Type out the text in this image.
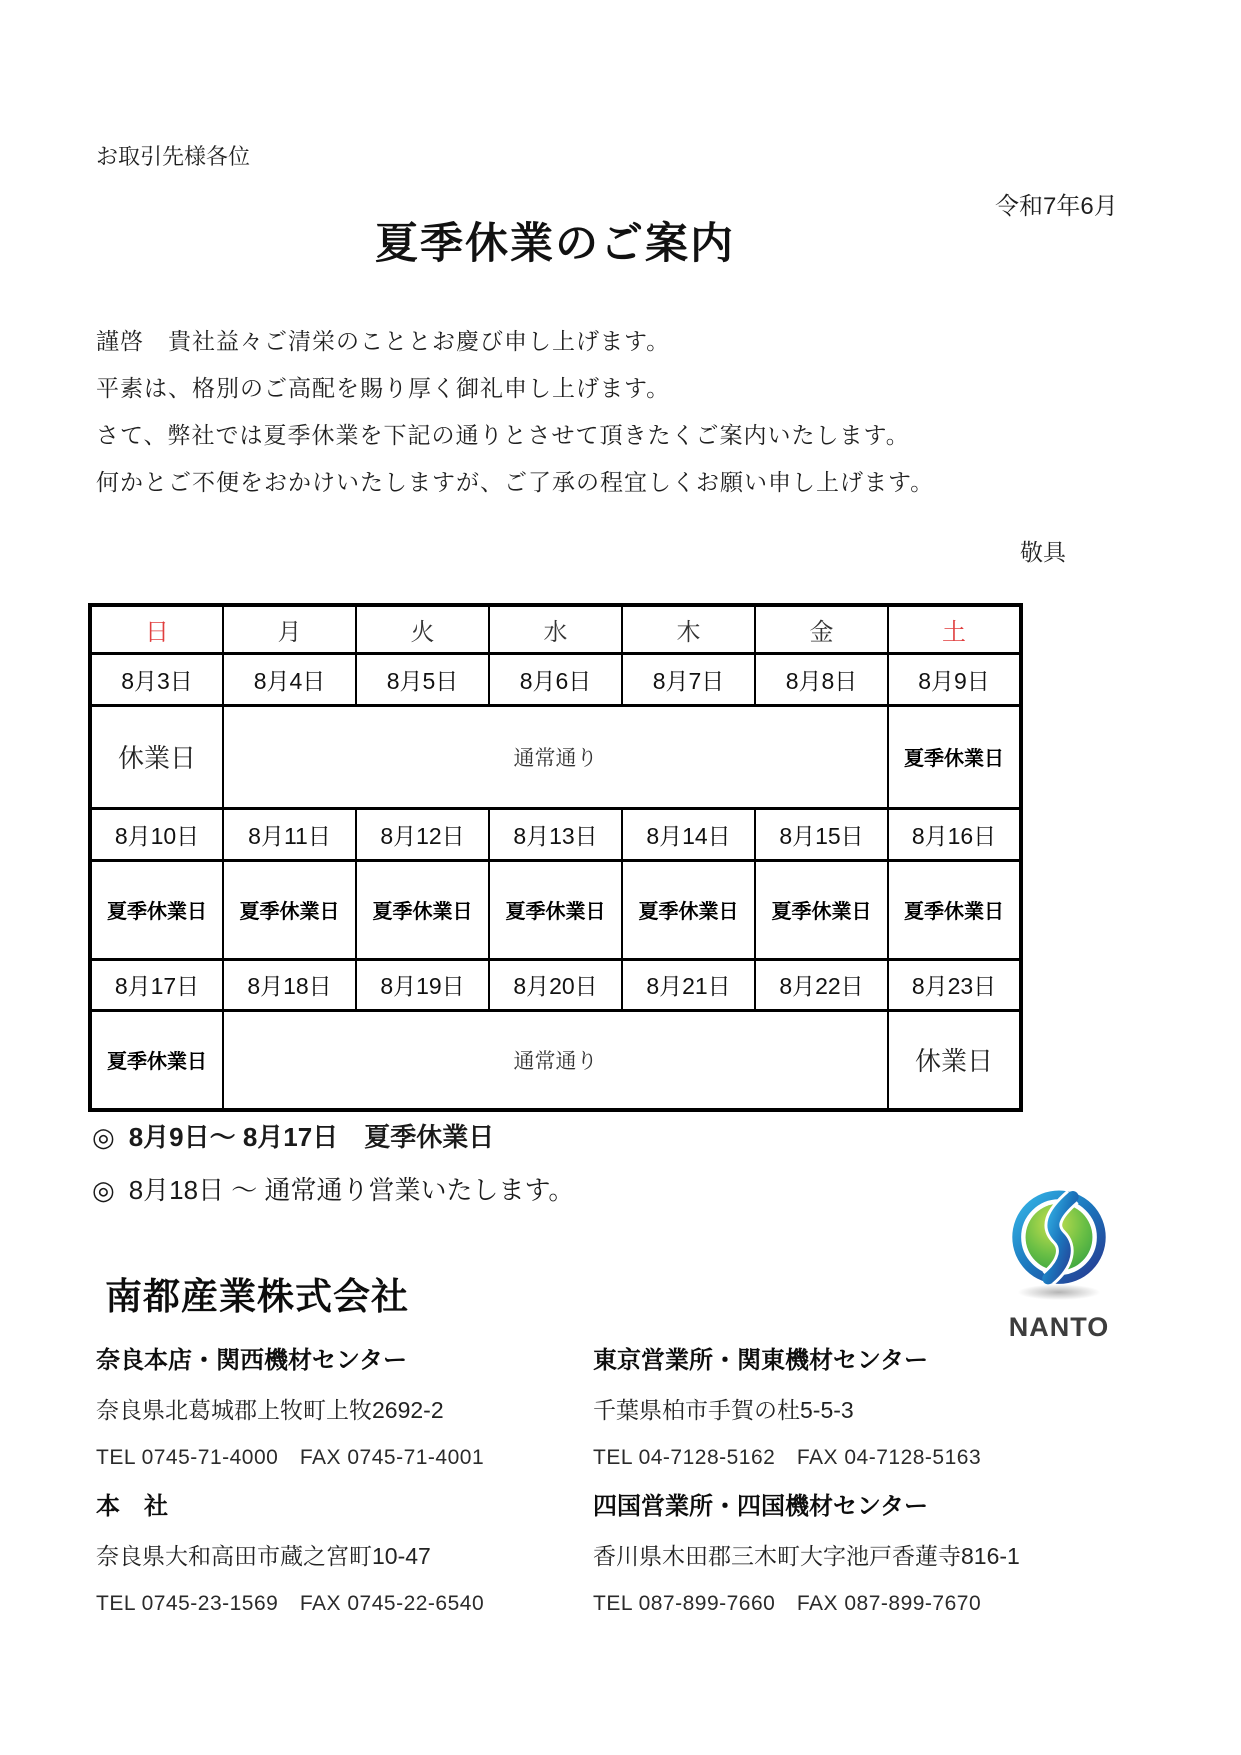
お取引先様各位
令和7年6月
夏季休業のご案内

謹啓　貴社益々ご清栄のこととお慶び申し上げます。

平素は、格別のご高配を賜り厚く御礼申し上げます。

さて、弊社では夏季休業を下記の通りとさせて頂きたくご案内いたします。

何かとご不便をおかけいたしますが、ご了承の程宜しくお願い申し上げます。

敬具
日	月	火	水	木	金	土
8月3日	8月4日	8月5日	8月6日	8月7日	8月8日	8月9日
休業日	通常通り					夏季休業日
8月10日	8月11日	8月12日	8月13日	8月14日	8月15日	8月16日
夏季休業日	夏季休業日	夏季休業日	夏季休業日	夏季休業日	夏季休業日	夏季休業日
8月17日	8月18日	8月19日	8月20日	8月21日	8月22日	8月23日
夏季休業日	通常通り					休業日
◎ 8月9日～ 8月17日　夏季休業日
◎ 8月18日 ～ 通常通り営業いたします。
NANTO
南都産業株式会社
奈良本店・関西機材センター

奈良県北葛城郡上牧町上牧2692-2

TEL 0745-71-4000　FAX 0745-71-4001

東京営業所・関東機材センター

千葉県柏市手賀の杜5-5-3

TEL 04-7128-5162　FAX 04-7128-5163

本　社

奈良県大和高田市蔵之宮町10-47

TEL 0745-23-1569　FAX 0745-22-6540

四国営業所・四国機材センター

香川県木田郡三木町大字池戸香蓮寺816-1

TEL 087-899-7660　FAX 087-899-7670
